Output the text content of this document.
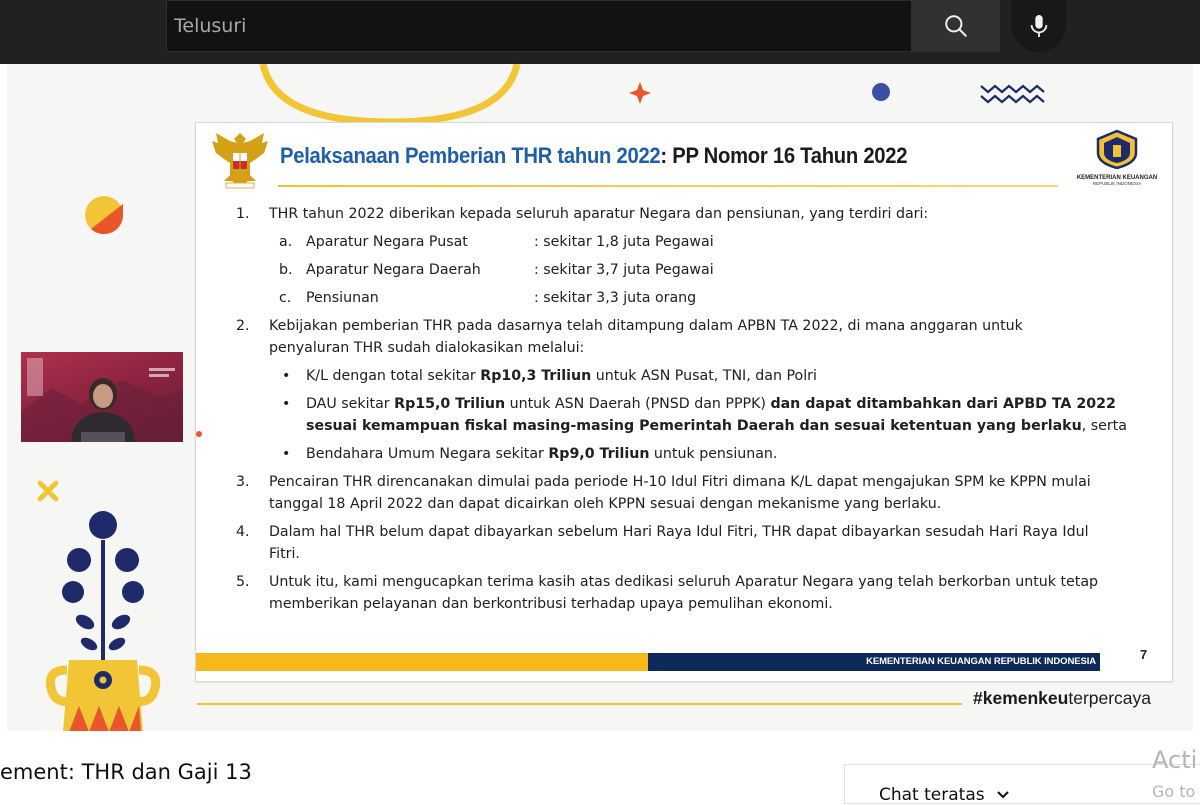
Telusuri
Pelaksanaan Pemberian THR tahun 2022: PP Nomor 16 Tahun 2022
KEMENTERIAN KEUANGAN
REPUBLIK INDONESIA
1. THR tahun 2022 diberikan kepada seluruh aparatur Negara dan pensiunan, yang terdiri dari:
a. Aparatur Negara Pusat	: sekitar 1,8 juta Pegawai
b. Aparatur Negara Daerah	: sekitar 3,7 juta Pegawai
c. Pensiunan	: sekitar 3,3 juta orang
2. Kebijakan pemberian THR pada dasarnya telah ditampung dalam APBN TA 2022, di mana anggaran untuk
penyaluran THR sudah dialokasikan melalui:
• K/L dengan total sekitar Rp10,3 Triliun untuk ASN Pusat, TNI, dan Polri
• DAU sekitar Rp15,0 Triliun untuk ASN Daerah (PNSD dan PPPK) dan dapat ditambahkan dari APBD TA 2022
sesuai kemampuan fiskal masing-masing Pemerintah Daerah dan sesuai ketentuan yang berlaku, serta
• Bendahara Umum Negara sekitar Rp9,0 Triliun untuk pensiunan.
3. Pencairan THR direncanakan dimulai pada periode H-10 Idul Fitri dimana K/L dapat mengajukan SPM ke KPPN mulai
tanggal 18 April 2022 dan dapat dicairkan oleh KPPN sesuai dengan mekanisme yang berlaku.
4. Dalam hal THR belum dapat dibayarkan sebelum Hari Raya Idul Fitri, THR dapat dibayarkan sesudah Hari Raya Idul
Fitri.
5. Untuk itu, kami mengucapkan terima kasih atas dedikasi seluruh Aparatur Negara yang telah berkorban untuk tetap
memberikan pelayanan dan berkontribusi terhadap upaya pemulihan ekonomi.
KEMENTERIAN KEUANGAN REPUBLIK INDONESIA	7
#kemenkeuterpercaya
ement: THR dan Gaji 13
Chat teratas
Acti
Go to
